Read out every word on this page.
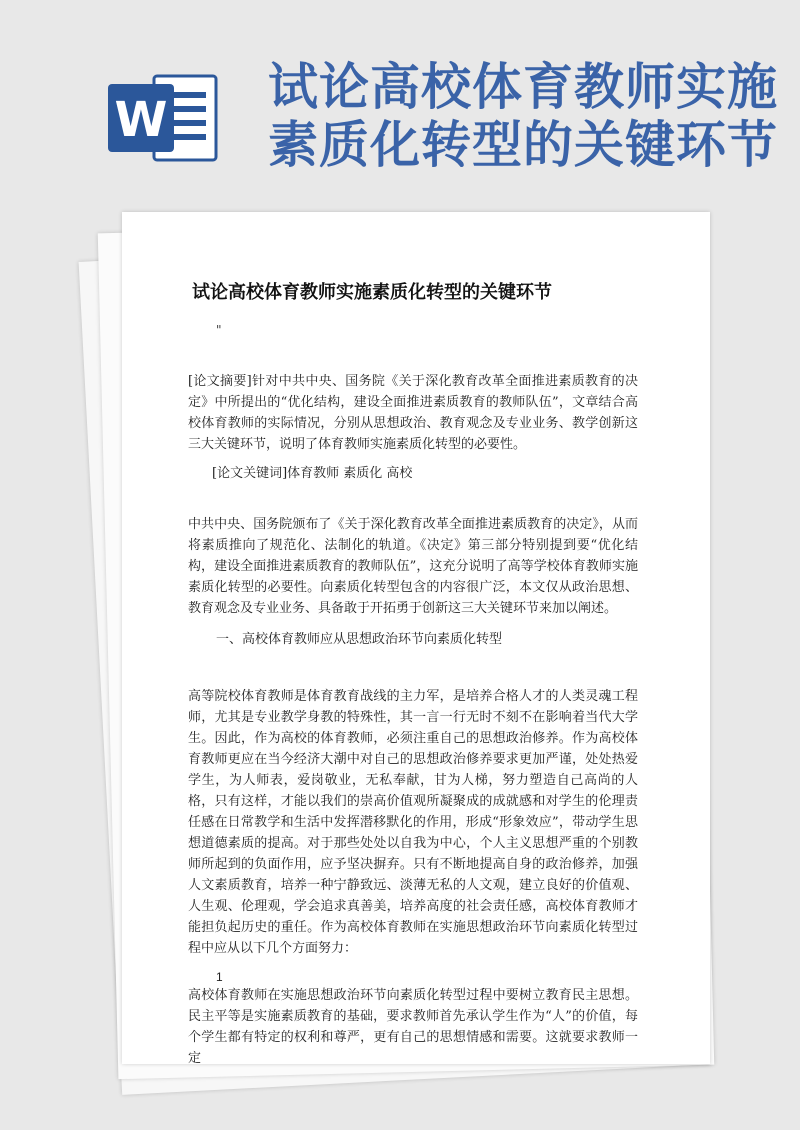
W
试论高校体育教师实施
素质化转型的关键环节
试论高校体育教师实施素质化转型的关键环节
"

[论文摘要]针对中共中央、国务院《关于深化教育改革全面推进素质教育的决定》中所提出的“优化结构，建设全面推进素质教育的教师队伍”，文章结合高校体育教师的实际情况，分别从思想政治、教育观念及专业业务、教学创新这三大关键环节，说明了体育教师实施素质化转型的必要性。

[论文关键词]体育教师 素质化 高校

中共中央、国务院颁布了《关于深化教育改革全面推进素质教育的决定》，从而将素质推向了规范化、法制化的轨道。《决定》第三部分特别提到要“优化结构，建设全面推进素质教育的教师队伍”，这充分说明了高等学校体育教师实施素质化转型的必要性。向素质化转型包含的内容很广泛，本文仅从政治思想、教育观念及专业业务、具备敢于开拓勇于创新这三大关键环节来加以阐述。

一、高校体育教师应从思想政治环节向素质化转型

高等院校体育教师是体育教育战线的主力军，是培养合格人才的人类灵魂工程师，尤其是专业教学身教的特殊性，其一言一行无时不刻不在影响着当代大学生。因此，作为高校的体育教师，必须注重自己的思想政治修养。作为高校体育教师更应在当今经济大潮中对自己的思想政治修养要求更加严谨，处处热爱学生，为人师表，爱岗敬业，无私奉献，甘为人梯，努力塑造自己高尚的人格，只有这样，才能以我们的崇高价值观所凝聚成的成就感和对学生的伦理责任感在日常教学和生活中发挥潜移默化的作用，形成“形象效应”，带动学生思想道德素质的提高。对于那些处处以自我为中心，个人主义思想严重的个别教师所起到的负面作用，应予坚决摒弃。只有不断地提高自身的政治修养，加强人文素质教育，培养一种宁静致远、淡薄无私的人文观，建立良好的价值观、人生观、伦理观，学会追求真善美，培养高度的社会责任感，高校体育教师才能担负起历史的重任。作为高校体育教师在实施思想政治环节向素质化转型过程中应从以下几个方面努力：

1

高校体育教师在实施思想政治环节向素质化转型过程中要树立教育民主思想。民主平等是实施素质教育的基础，要求教师首先承认学生作为“人”的价值，每个学生都有特定的权利和尊严，更有自己的思想情感和需要。这就要求教师一定
